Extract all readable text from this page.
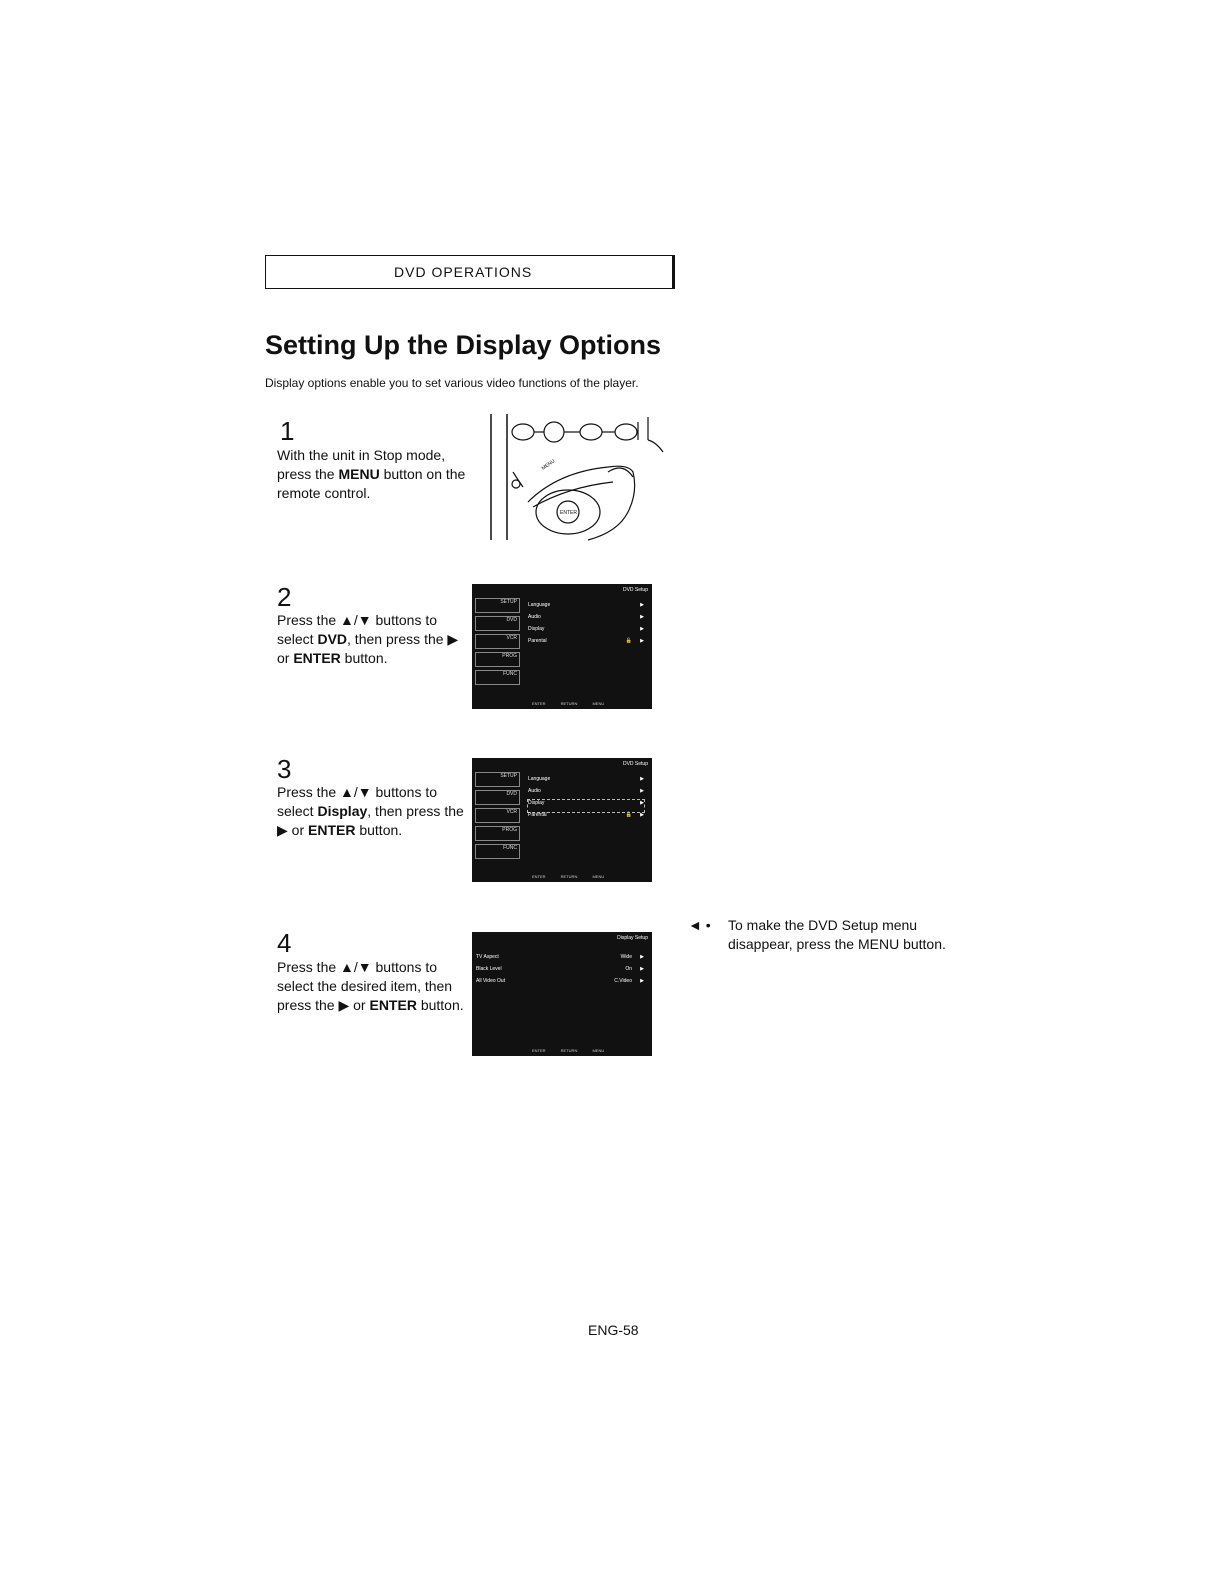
DVD OPERATIONS
Setting Up the Display Options
Display options enable you to set various video functions of the player.
1
With the unit in Stop mode, press the MENU button on the remote control.
MENU
ENTER
2
Press the ▲/▼ buttons to select DVD, then press the ▶ or ENTER button.
DVD Setup
SETUP
DVD
VCR
PROG
FUNC
Language	▶
Audio	▶
Display	▶
Parental	🔓 ▶
ENTER RETURN MENU
3
Press the ▲/▼ buttons to select Display, then press the ▶ or ENTER button.
DVD Setup
SETUP
DVD
VCR
PROG
FUNC
Language	▶
Audio	▶
Display	▶
Parental	🔓 ▶
ENTER RETURN MENU
4
Press the ▲/▼ buttons to select the desired item, then press the ▶ or ENTER button.
Display Setup
TV Aspect	Wide ▶
Black Level	On ▶
All Video Out	C.Video ▶
ENTER RETURN MENU
◄ • To make the DVD Setup menu disappear, press the MENU button.
ENG-58
